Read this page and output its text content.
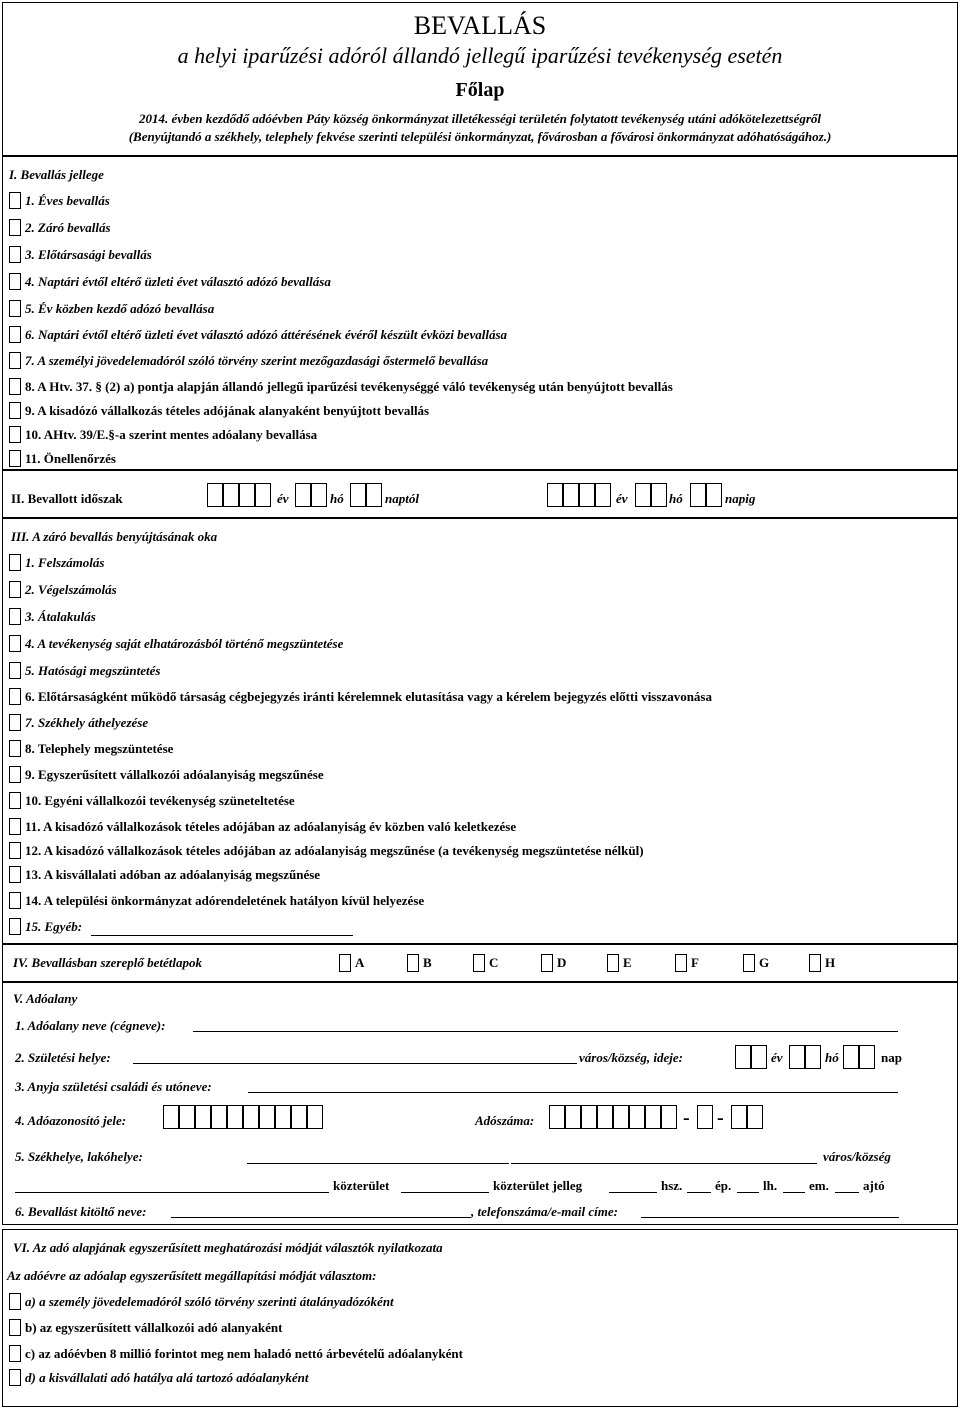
BEVALLÁS
a helyi iparűzési adóról állandó jellegű iparűzési tevékenység esetén
Főlap
2014. évben kezdődő adóévben Páty község önkormányzat illetékességi területén folytatott tevékenység utáni adókötelezettségről
(Benyújtandó a székhely, telephely fekvése szerinti települési önkormányzat, fővárosban a fővárosi önkormányzat adóhatóságához.)
I. Bevallás jellege
1. Éves bevallás
2. Záró bevallás
3. Előtársasági bevallás
4. Naptári évtől eltérő üzleti évet választó adózó bevallása
5. Év közben kezdő adózó bevallása
6. Naptári évtől eltérő üzleti évet választó adózó áttérésének évéről készült évközi bevallása
7. A személyi jövedelemadóról szóló törvény szerint mezőgazdasági őstermelő bevallása
8. A Htv. 37. § (2) a) pontja alapján állandó jellegű iparűzési tevékenységgé váló tevékenység után benyújtott bevallás
9. A kisadózó vállalkozás tételes adójának alanyaként benyújtott bevallás
10. AHtv. 39/E.§-a szerint mentes adóalany bevallása
11. Önellenőrzés
II. Bevallott időszak	év	hó	naptól	év	hó	napig
III. A záró bevallás benyújtásának oka
1. Felszámolás
2. Végelszámolás
3. Átalakulás
4. A tevékenység saját elhatározásból történő megszüntetése
5. Hatósági megszüntetés
6. Előtársaságként működő társaság cégbejegyzés iránti kérelemnek elutasítása vagy a kérelem bejegyzés előtti visszavonása
7. Székhely áthelyezése
8. Telephely megszüntetése
9. Egyszerűsített vállalkozói adóalanyiság megszűnése
10. Egyéni vállalkozói tevékenység szüneteltetése
11. A kisadózó vállalkozások tételes adójában az adóalanyiság év közben való keletkezése
12. A kisadózó vállalkozások tételes adójában az adóalanyiság megszűnése (a tevékenység megszüntetése nélkül)
13. A kisvállalati adóban az adóalanyiság megszűnése
14. A települési önkormányzat adórendeletének hatályon kívül helyezése
15. Egyéb:
IV. Bevallásban szereplő betétlapok	A	B	C	D	E	F	G	H
V. Adóalany
1. Adóalany neve (cégneve):
2. Születési helye:	város/község, ideje:	év	hó	nap
3. Anyja születési családi és utóneve:
4. Adóazonosító jele:	Adószáma:	- -
5. Székhelye, lakóhelye:	város/község
közterület	közterület jelleg	hsz.	ép. lh. em.	ajtó
6. Bevallást kitöltő neve:	, telefonszáma/e-mail címe:
VI. Az adó alapjának egyszerűsített meghatározási módját választók nyilatkozata
Az adóévre az adóalap egyszerűsített megállapítási módját választom:
a) a személy jövedelemadóról szóló törvény szerinti átalányadózóként
b) az egyszerűsített vállalkozói adó alanyaként
c) az adóévben 8 millió forintot meg nem haladó nettó árbevételű adóalanyként
d) a kisvállalati adó hatálya alá tartozó adóalanyként
